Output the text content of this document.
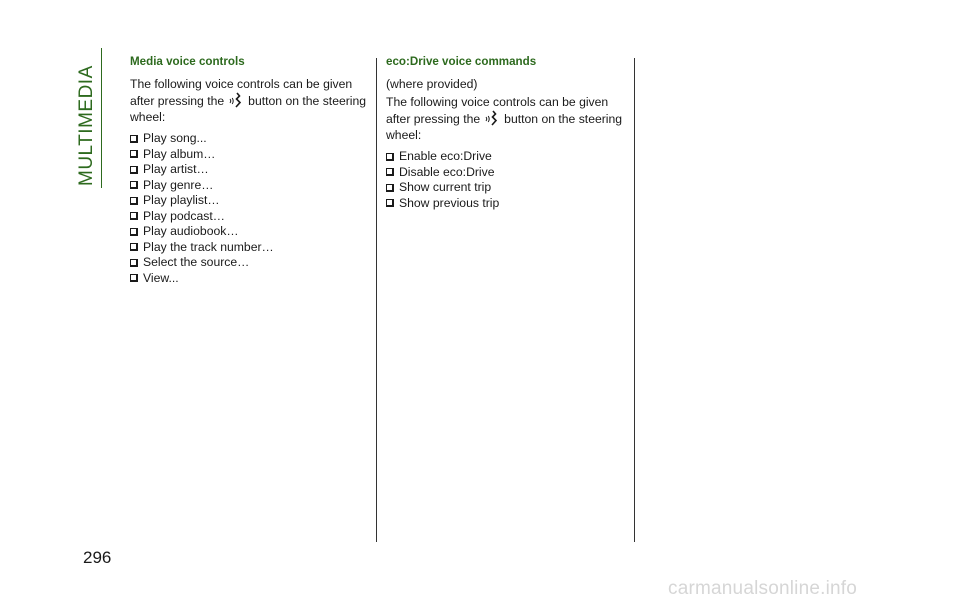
MULTIMEDIA
Media voice controls
The following voice controls can be given after pressing the button on the steering wheel:
Play song...
Play album…
Play artist…
Play genre…
Play playlist…
Play podcast…
Play audiobook…
Play the track number…
Select the source…
View...
eco:Drive voice commands
(where provided)
The following voice controls can be given after pressing the button on the steering wheel:
Enable eco:Drive
Disable eco:Drive
Show current trip
Show previous trip
296
carmanualsonline.info
